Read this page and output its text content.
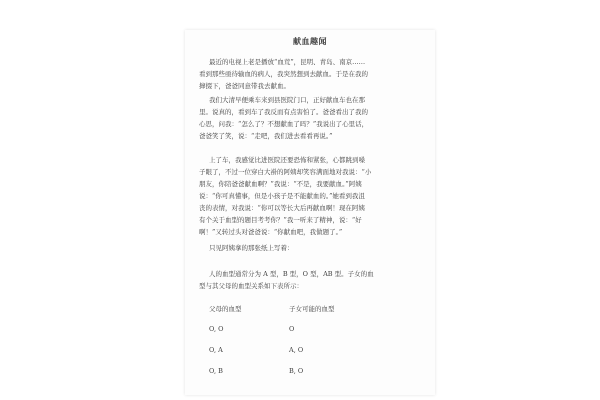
献血趣闻
最近的电视上老是播放“血荒”，昆明、青岛、南京……
看到那些亟待输血的病人，我突然想到去献血。于是在我的
撺掇下，爸爸同意带我去献血。
我们大清早便乘车来到县医院门口，正好献血车也在那
里。说真的，看到车了我反而有点害怕了。爸爸看出了我的
心思，问我：“怎么了？不想献血了吗？”我说出了心里话，
爸爸笑了笑，说：“走吧，我们进去看看再说。”
上了车，我感觉比进医院还要恐怖和紧张，心都跳到嗓
子眼了，不过一位穿白大褂的阿姨却笑容满面地对我说：“小
朋友，你陪爸爸献血啊？”我说：“不是，我要献血。”阿姨
说：“你可真懂事，但是小孩子是不能献血的。”她看到我沮
丧的表情，对我说：“你可以等长大后再献血啊！现在阿姨
有个关于血型的题目考考你？”我一听来了精神，说：“好
啊！”又转过头对爸爸说：“你献血吧，我做题了。”
只见阿姨拿的那张纸上写着：
人的血型通常分为 A 型，B 型，O 型，AB 型。子女的血
型与其父母的血型关系如下表所示：
父母的血型	子女可能的血型
O, O	O
O, A	A, O
O, B	B, O
